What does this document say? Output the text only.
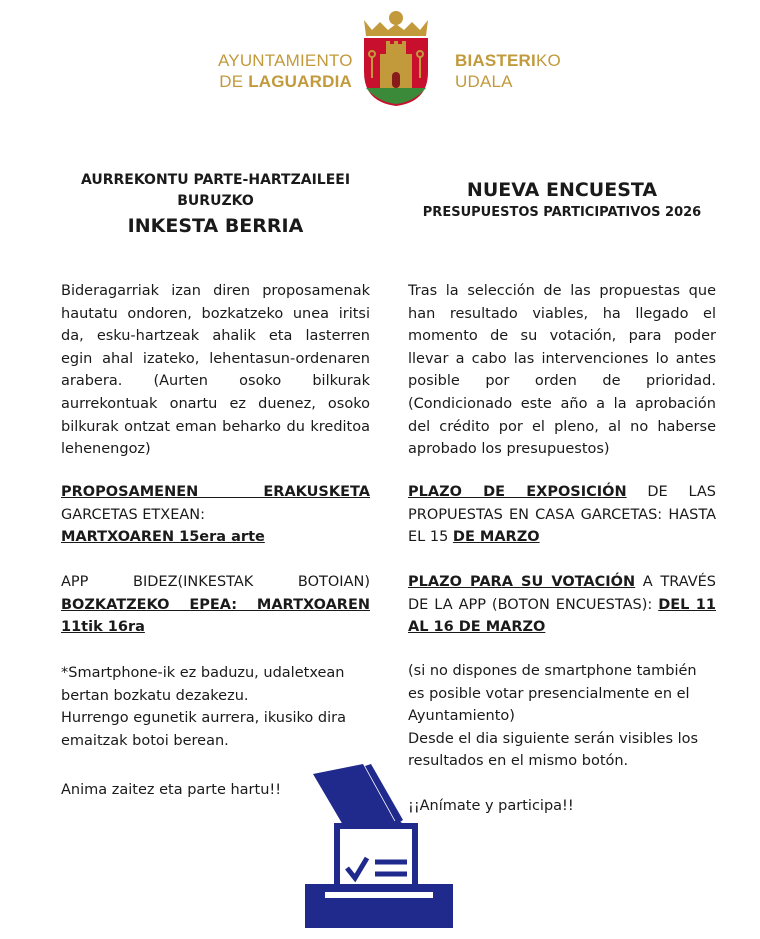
AYUNTAMIENTO
DE LAGUARDIA
BIASTERIKO
UDALA
AURREKONTU PARTE-HARTZAILEEI
BURUZKO
INKESTA BERRIA
NUEVA ENCUESTA
PRESUPUESTOS PARTICIPATIVOS 2026
Bideragarriak izan diren proposamenak hautatu ondoren, bozkatzeko unea iritsi da, esku-hartzeak ahalik eta lasterren egin ahal izateko, lehentasun-ordenaren arabera. (Aurten osoko bilkurak aurrekontuak onartu ez duenez, osoko bilkurak ontzat eman beharko du kreditoa lehenengoz)
PROPOSAMENEN ERAKUSKETA
GARCETAS ETXEAN:
MARTXOAREN 15era arte
APP BIDEZ(INKESTAK BOTOIAN)
BOZKATZEKO EPEA: MARTXOAREN 11tik 16ra
*Smartphone-ik ez baduzu, udaletxean bertan bozkatu dezakezu.
Hurrengo egunetik aurrera, ikusiko dira emaitzak botoi berean.
Anima zaitez eta parte hartu!!
Tras la selección de las propuestas que han resultado viables, ha llegado el momento de su votación, para poder llevar a cabo las intervenciones lo antes posible por orden de prioridad. (Condicionado este año a la aprobación del crédito por el pleno, al no haberse aprobado los presupuestos)
PLAZO DE EXPOSICIÓN DE LAS PROPUESTAS EN CASA GARCETAS: HASTA EL 15 DE MARZO
PLAZO PARA SU VOTACIÓN A TRAVÉS DE LA APP (BOTON ENCUESTAS): DEL 11 AL 16 DE MARZO
(si no dispones de smartphone también es posible votar presencialmente en el Ayuntamiento)
Desde el dia siguiente serán visibles los resultados en el mismo botón.
¡¡Anímate y participa!!
